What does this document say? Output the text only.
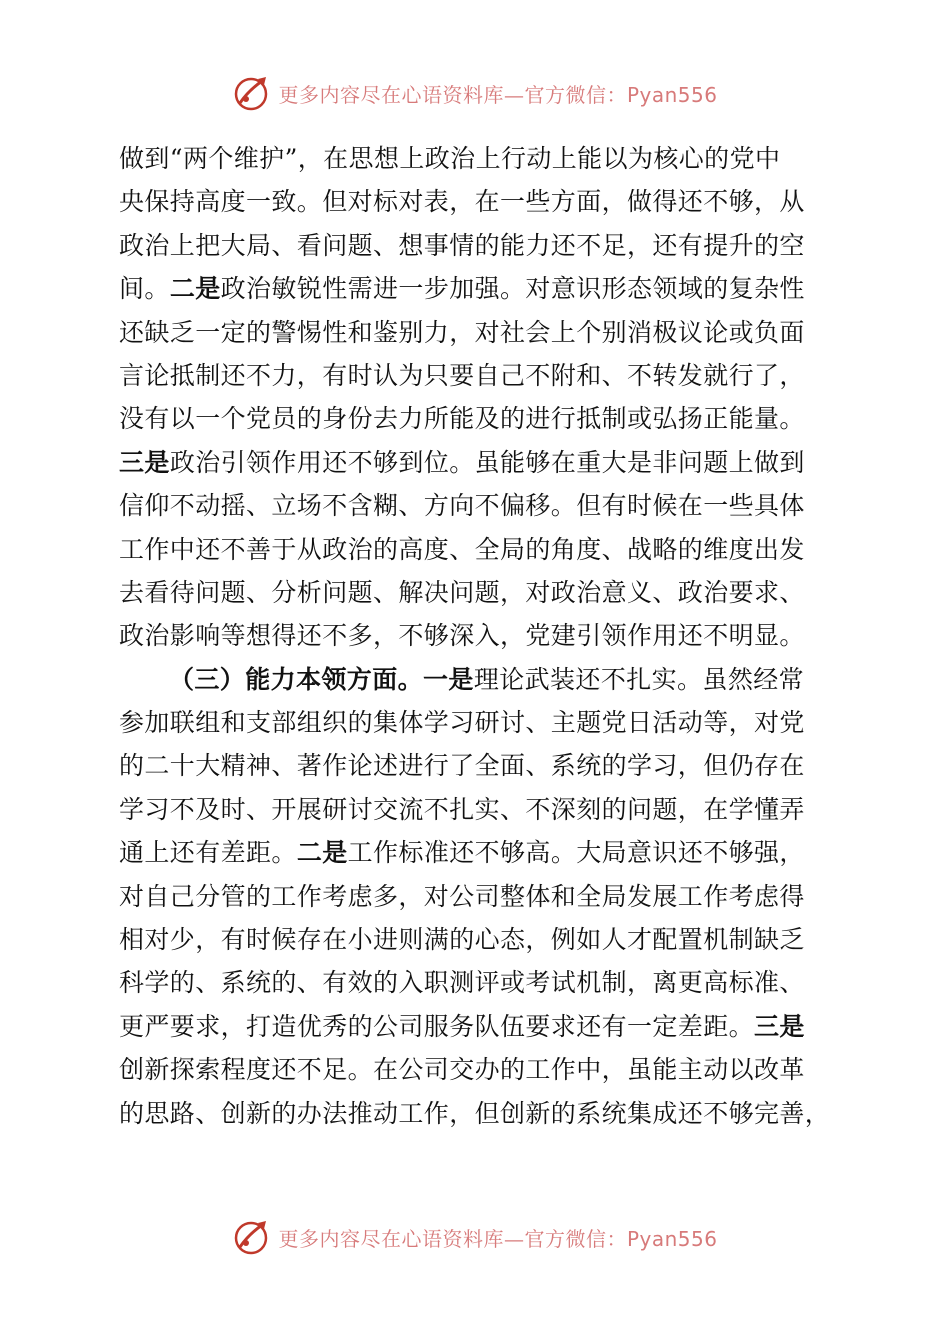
更多内容尽在心语资料库—官方微信：Pyan556
做到“两个维护”，在思想上政治上行动上能以为核心的党中
央保持高度一致。但对标对表，在一些方面，做得还不够，从
政治上把大局、看问题、想事情的能力还不足，还有提升的空
间。二是政治敏锐性需进一步加强。对意识形态领域的复杂性
还缺乏一定的警惕性和鉴别力，对社会上个别消极议论或负面
言论抵制还不力，有时认为只要自己不附和、不转发就行了，
没有以一个党员的身份去力所能及的进行抵制或弘扬正能量。
三是政治引领作用还不够到位。虽能够在重大是非问题上做到
信仰不动摇、立场不含糊、方向不偏移。但有时候在一些具体
工作中还不善于从政治的高度、全局的角度、战略的维度出发
去看待问题、分析问题、解决问题，对政治意义、政治要求、
政治影响等想得还不多，不够深入，党建引领作用还不明显。
（三）能力本领方面。一是理论武装还不扎实。虽然经常
参加联组和支部组织的集体学习研讨、主题党日活动等，对党
的二十大精神、著作论述进行了全面、系统的学习，但仍存在
学习不及时、开展研讨交流不扎实、不深刻的问题，在学懂弄
通上还有差距。二是工作标准还不够高。大局意识还不够强，
对自己分管的工作考虑多，对公司整体和全局发展工作考虑得
相对少，有时候存在小进则满的心态，例如人才配置机制缺乏
科学的、系统的、有效的入职测评或考试机制，离更高标准、
更严要求，打造优秀的公司服务队伍要求还有一定差距。三是
创新探索程度还不足。在公司交办的工作中，虽能主动以改革
的思路、创新的办法推动工作，但创新的系统集成还不够完善，
更多内容尽在心语资料库—官方微信：Pyan556
